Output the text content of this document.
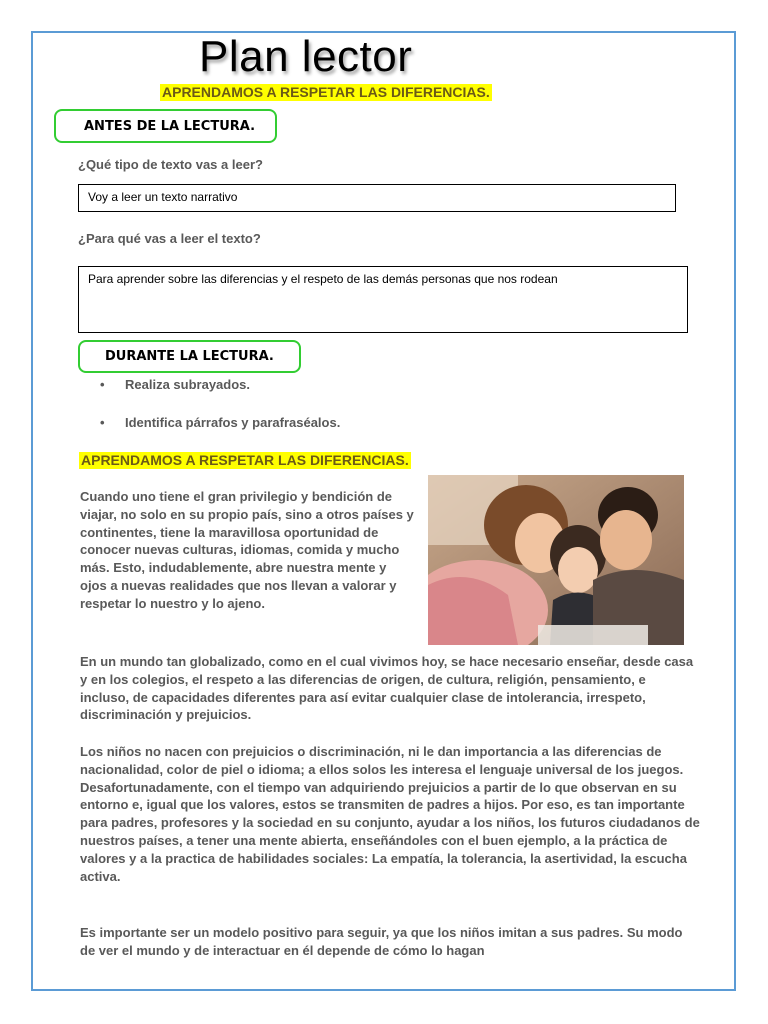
Plan lector
APRENDAMOS A RESPETAR LAS DIFERENCIAS.
ANTES DE LA LECTURA.
¿Qué tipo de texto vas a leer?
Voy a leer un texto narrativo
¿Para qué vas a leer el texto?
Para aprender sobre las diferencias y el respeto de las demás personas que nos rodean
DURANTE LA LECTURA.
• Realiza subrayados.
• Identifica párrafos y parafraséalos.
APRENDAMOS A RESPETAR LAS DIFERENCIAS.

Cuando uno tiene el gran privilegio y bendición de viajar, no solo en su propio país, sino a otros países y continentes, tiene la maravillosa oportunidad de conocer nuevas culturas, idiomas, comida y mucho más. Esto, indudablemente, abre nuestra mente y ojos a nuevas realidades que nos llevan a valorar y respetar lo nuestro y lo ajeno.

En un mundo tan globalizado, como en el cual vivimos hoy, se hace necesario enseñar, desde casa y en los colegios, el respeto a las diferencias de origen, de cultura, religión, pensamiento, e incluso, de capacidades diferentes para así evitar cualquier clase de intolerancia, irrespeto, discriminación y prejuicios.

Los niños no nacen con prejuicios o discriminación, ni le dan importancia a las diferencias de nacionalidad, color de piel o idioma; a ellos solos les interesa el lenguaje universal de los juegos. Desafortunadamente, con el tiempo van adquiriendo prejuicios a partir de lo que observan en su entorno e, igual que los valores, estos se transmiten de padres a hijos. Por eso, es tan importante para padres, profesores y la sociedad en su conjunto, ayudar a los niños, los futuros ciudadanos de nuestros países, a tener una mente abierta, enseñándoles con el buen ejemplo, a la práctica de valores y a la practica de habilidades sociales: La empatía, la tolerancia, la asertividad, la escucha activa.

Es importante ser un modelo positivo para seguir, ya que los niños imitan a sus padres. Su modo de ver el mundo y de interactuar en él depende de cómo lo hagan
